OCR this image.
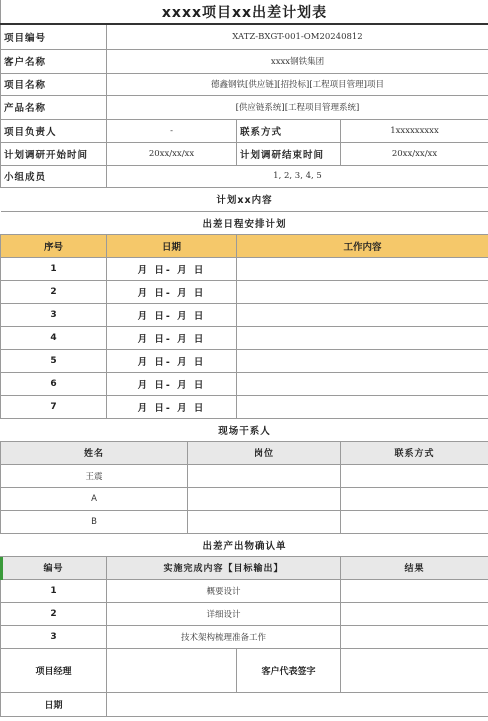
xxxx项目xx出差计划表				
项目编号	XATZ-BXGT-001-OM20240812			
客户名称	xxxx钢铁集团			
项目名称	德鑫钢铁[供应链][招投标][工程项目管理]项目			
产品名称	[供应链系统][工程项目管理系统]			
项目负责人	-		联系方式	1xxxxxxxxx
计划调研开始时间	20xx/xx/xx		计划调研结束时间	20xx/xx/xx
小组成员	1, 2, 3, 4, 5			
计划xx内容				
出差日程安排计划				
序号	日期		工作内容	
1	月 日- 月 日			
2	月 日- 月 日			
3	月 日- 月 日			
4	月 日- 月 日			
5	月 日- 月 日			
6	月 日- 月 日			
7	月 日- 月 日			
现场干系人				
姓名		岗位		联系方式
王震				
A				
B				
出差产出物确认单				
编号	实施完成内容【目标输出】			结果
1	概要设计			
2	详细设计			
3	技术架构梳理准备工作			
项目经理			客户代表签字	
日期				
